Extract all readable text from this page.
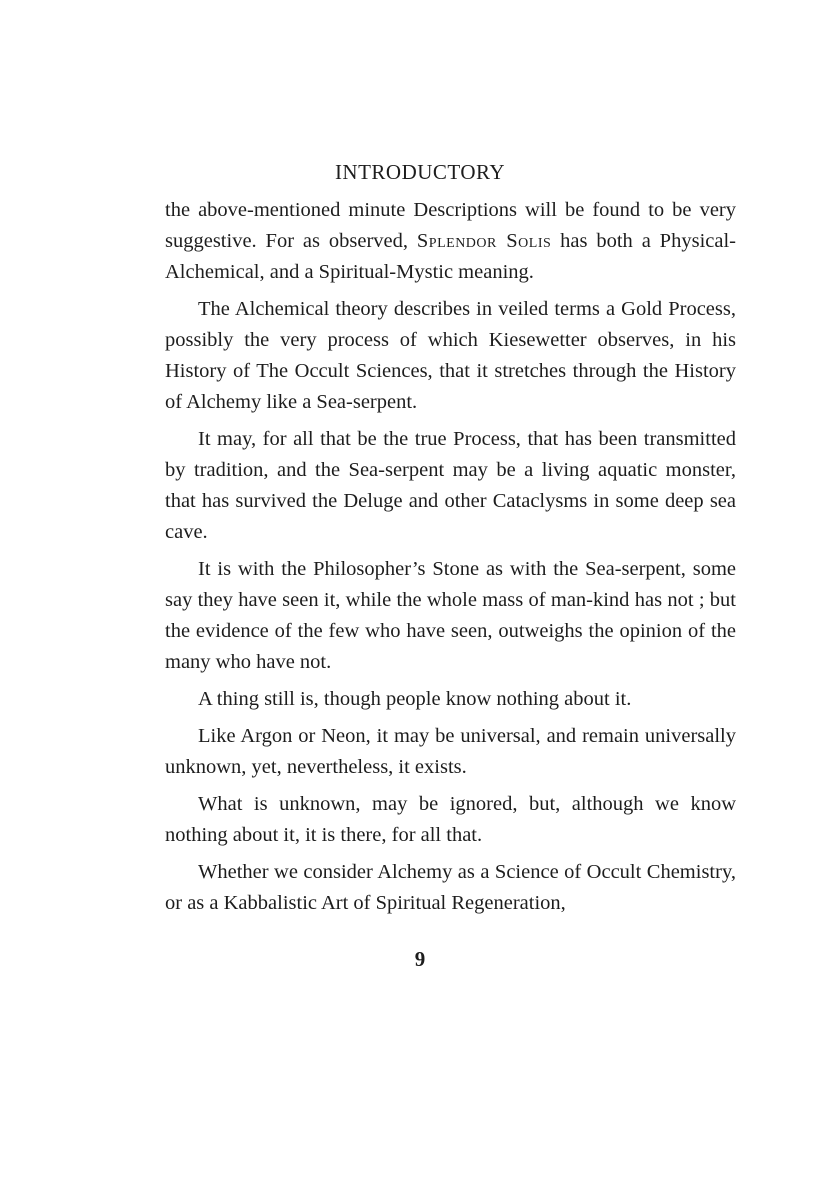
INTRODUCTORY

the above-mentioned minute Descriptions will be found to be very suggestive. For as observed, Splendor Solis has both a Physical-Alchemical, and a Spiritual-Mystic meaning.

The Alchemical theory describes in veiled terms a Gold Process, possibly the very process of which Kiesewetter observes, in his History of The Occult Sciences, that it stretches through the History of Alchemy like a Sea-serpent.

It may, for all that be the true Process, that has been transmitted by tradition, and the Sea-serpent may be a living aquatic monster, that has survived the Deluge and other Cataclysms in some deep sea cave.

It is with the Philosopher’s Stone as with the Sea-serpent, some say they have seen it, while the whole mass of man-kind has not ; but the evidence of the few who have seen, outweighs the opinion of the many who have not.

A thing still is, though people know nothing about it.

Like Argon or Neon, it may be universal, and remain universally unknown, yet, nevertheless, it exists.

What is unknown, may be ignored, but, although we know nothing about it, it is there, for all that.

Whether we consider Alchemy as a Science of Occult Chemistry, or as a Kabbalistic Art of Spiritual Regeneration,

9
